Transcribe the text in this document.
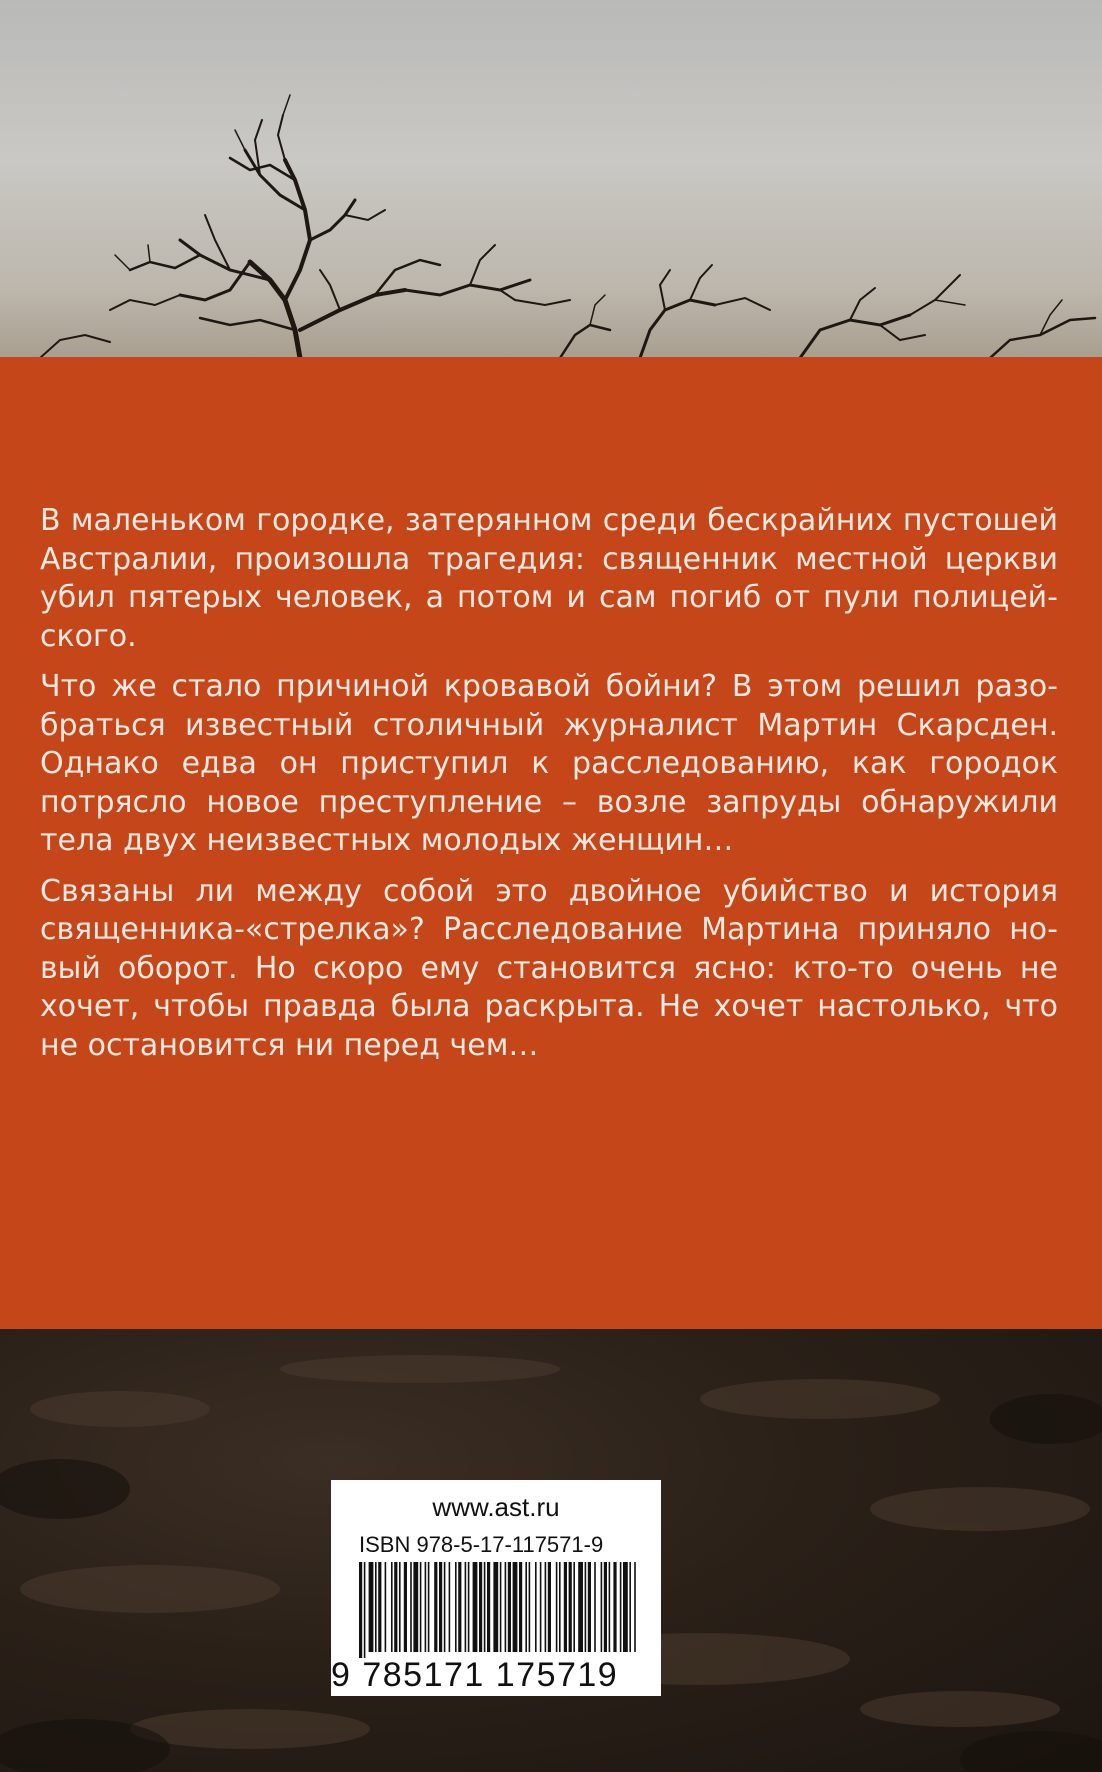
В маленьком городке, затерянном среди бескрайних пустошей Австралии, произошла трагедия: священник местной церкви убил пятерых человек, а потом и сам погиб от пули полицей-ского.

Что же стало причиной кровавой бойни? В этом решил разо-браться известный столичный журналист Мартин Скарсден. Однако едва он приступил к расследованию, как городок потрясло новое преступление – возле запруды обнаружили тела двух неизвестных молодых женщин…

Связаны ли между собой это двойное убийство и история священника-«стрелка»? Расследование Мартина приняло но-вый оборот. Но скоро ему становится ясно: кто-то очень не хочет, чтобы правда была раскрыта. Не хочет настолько, что не остановится ни перед чем…

www.ast.ru
ISBN 978-5-17-117571-9
9 785171 175719
